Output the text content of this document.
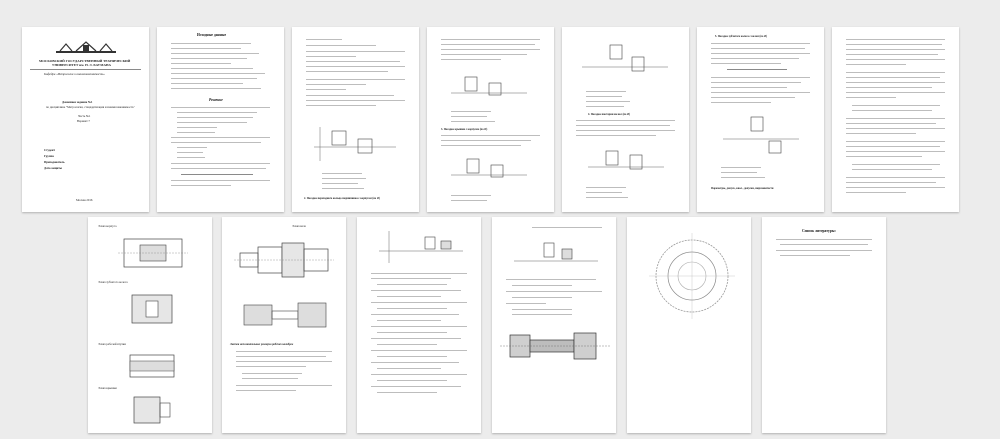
МОСКОВСКИЙ ГОСУДАРСТВЕННЫЙ ТЕХНИЧЕСКИЙ
УНИВЕРСИТЕТ им. Н. Э. БАУМАНА
Кафедра «Метрология и взаимозаменяемость»
Домашнее задание №1
по дисциплине "Метрология, стандартизация и взаимозаменяемость"
Часть №1
Вариант 7
Студент
Группа
Преподаватель
Дата защиты
Москва 2016
Исходные данные
Решение
2. Посадка переходного кольца подшипника с корпусом (по Ø)
3. Посадка крышки с корпусом (по Ø)
4. Посадка шестерни на вал (по Ø)
5. Посадка зубчатого колеса с валом (по Ø)
Параметры, допуск, квал., допуски, шероховатости
Эскиз корпуса
Эскиз зубчатого колеса
Эскиз рабочей втулки
Эскиз крышки
Эскиз вала
Листок исполнительных размеров рабочих калибров
Список литературы:
